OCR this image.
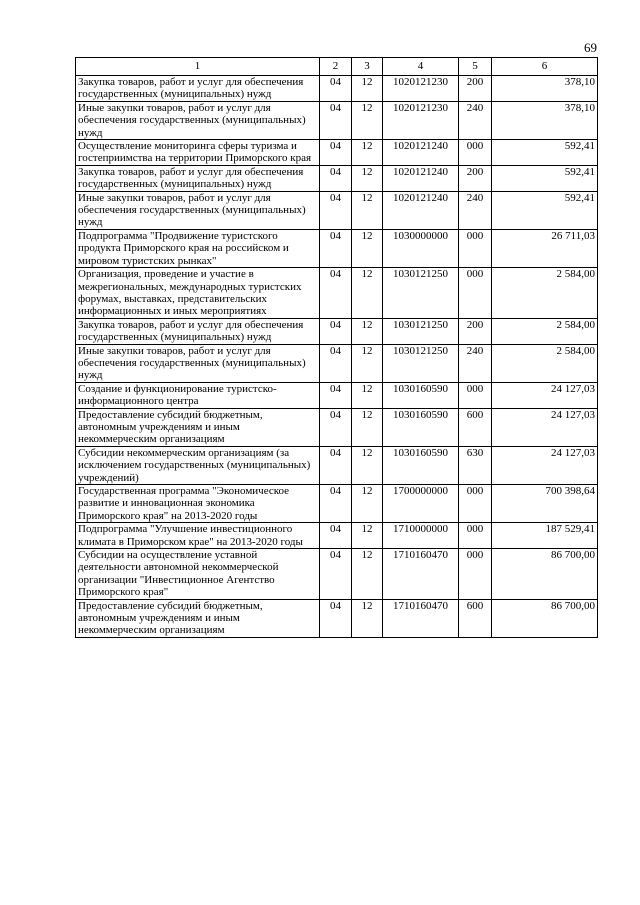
69
1	2	3	4	5	6
Закупка товаров, работ и услуг для обеспечения государственных (муниципальных) нужд	04	12	1020121230	200	378,10
Иные закупки товаров, работ и услуг для обеспечения государственных (муниципальных) нужд	04	12	1020121230	240	378,10
Осуществление мониторинга сферы туризма и гостеприимства на территории Приморского края	04	12	1020121240	000	592,41
Закупка товаров, работ и услуг для обеспечения государственных (муниципальных) нужд	04	12	1020121240	200	592,41
Иные закупки товаров, работ и услуг для обеспечения государственных (муниципальных) нужд	04	12	1020121240	240	592,41
Подпрограмма "Продвижение туристского продукта Приморского края на российском и мировом туристских рынках"	04	12	1030000000	000	26 711,03
Организация, проведение и участие в межрегиональных, международных туристских форумах, выставках, представительских информационных и иных мероприятиях	04	12	1030121250	000	2 584,00
Закупка товаров, работ и услуг для обеспечения государственных (муниципальных) нужд	04	12	1030121250	200	2 584,00
Иные закупки товаров, работ и услуг для обеспечения государственных (муниципальных) нужд	04	12	1030121250	240	2 584,00
Создание и функционирование туристско-информационного центра	04	12	1030160590	000	24 127,03
Предоставление субсидий бюджетным, автономным учреждениям и иным некоммерческим организациям	04	12	1030160590	600	24 127,03
Субсидии некоммерческим организациям (за исключением государственных (муниципальных) учреждений)	04	12	1030160590	630	24 127,03
Государственная программа "Экономическое развитие и инновационная экономика Приморского края" на 2013-2020 годы	04	12	1700000000	000	700 398,64
Подпрограмма "Улучшение инвестиционного климата в Приморском крае" на 2013-2020 годы	04	12	1710000000	000	187 529,41
Субсидии на осуществление уставной деятельности автономной некоммерческой организации "Инвестиционное Агентство Приморского края"	04	12	1710160470	000	86 700,00
Предоставление субсидий бюджетным, автономным учреждениям и иным некоммерческим организациям	04	12	1710160470	600	86 700,00
